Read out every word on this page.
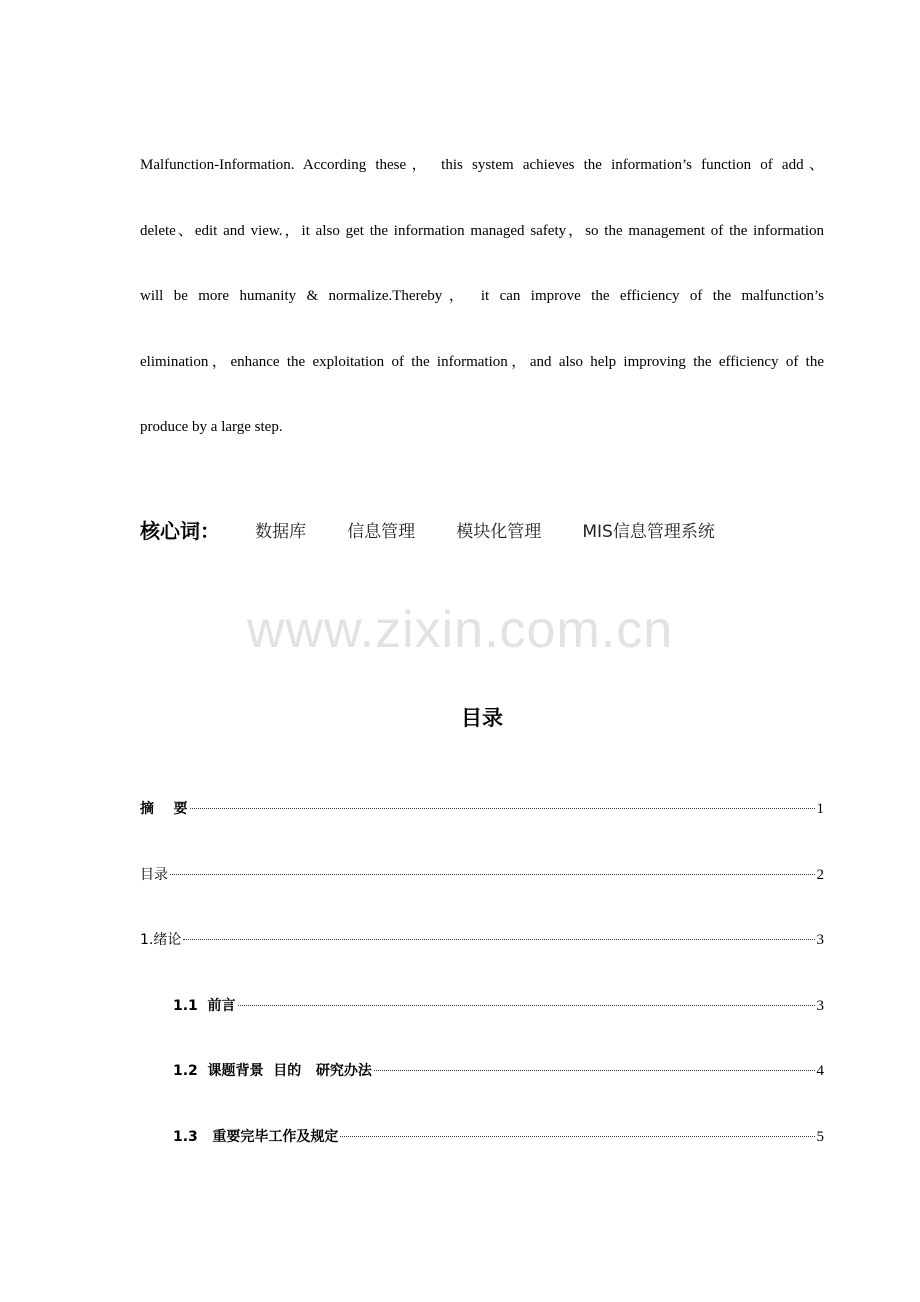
Malfunction-Information. According these， this system achieves the information’s function of add、
delete、edit and view.，it also get the information managed safety，so the management of the information
will be more humanity & normalize.Thereby， it can improve the efficiency of the malfunction’s
elimination，enhance the exploitation of the information，and also help improving the efficiency of the
produce by a large step.
核心词： 数据库 信息管理 模块化管理 MIS信息管理系统
www.zixin.com.cn
目录
摘    要	1
目录	2
1.绪论	3
1.1  前言	3
1.2  课题背景  目的   研究办法	4
1.3   重要完毕工作及规定	5
